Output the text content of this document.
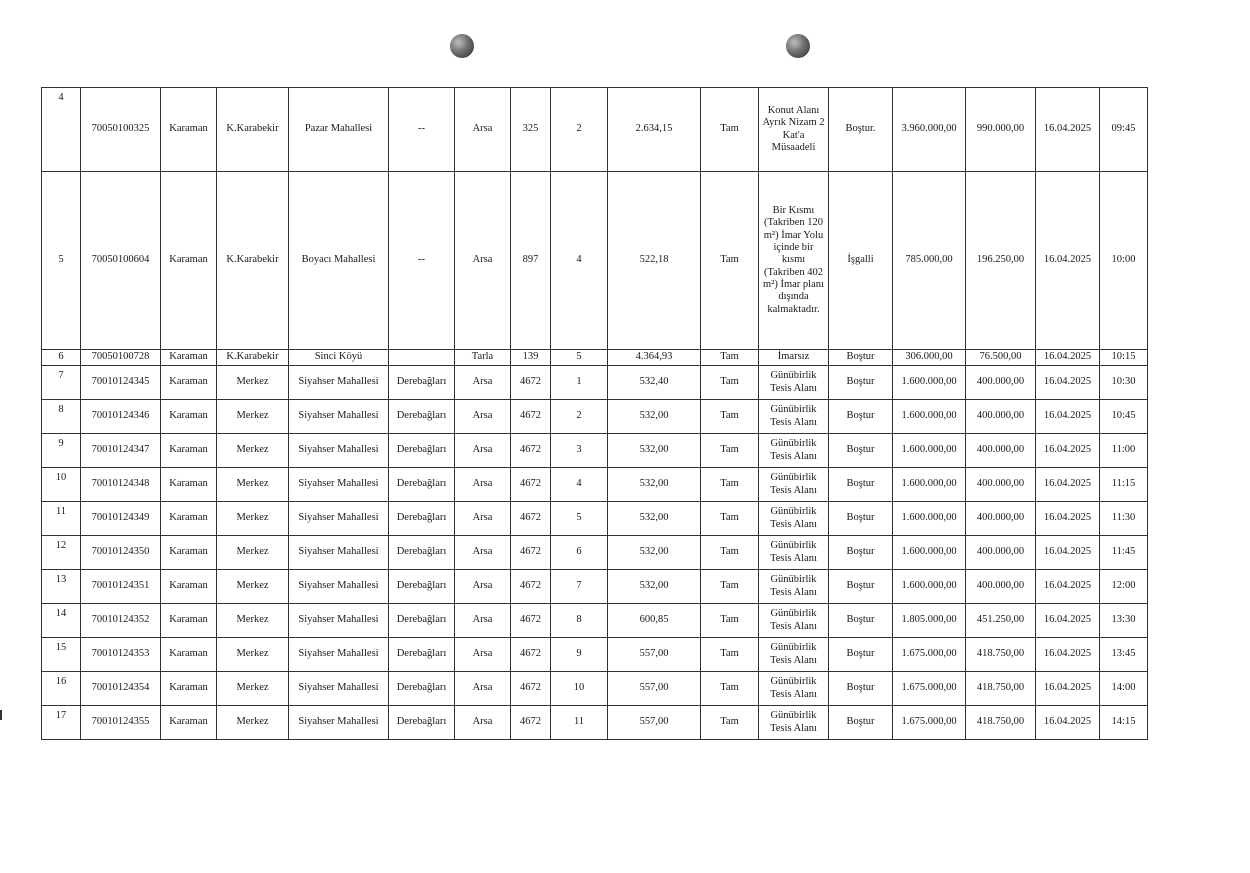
4	70050100325	Karaman	K.Karabekir	Pazar Mahallesi	--	Arsa	325	2	2.634,15	Tam	Konut Alanı Ayrık Nizam 2 Kat'a Müsaadeli	Boştur.	3.960.000,00	990.000,00	16.04.2025	09:45
5	70050100604	Karaman	K.Karabekir	Boyacı Mahallesi	--	Arsa	897	4	522,18	Tam	Bir Kısmı (Takriben 120 m²) İmar Yolu içinde bir kısmı (Takriben 402 m²) İmar planı dışında kalmaktadır.	İşgalli	785.000,00	196.250,00	16.04.2025	10:00
6	70050100728	Karaman	K.Karabekir	Sinci Köyü		Tarla	139	5	4.364,93	Tam	İmarsız	Boştur	306.000,00	76.500,00	16.04.2025	10:15
7	70010124345	Karaman	Merkez	Siyahser Mahallesi	Derebağları	Arsa	4672	1	532,40	Tam	Günübirlik Tesis Alanı	Boştur	1.600.000,00	400.000,00	16.04.2025	10:30
8	70010124346	Karaman	Merkez	Siyahser Mahallesi	Derebağları	Arsa	4672	2	532,00	Tam	Günübirlik Tesis Alanı	Boştur	1.600.000,00	400.000,00	16.04.2025	10:45
9	70010124347	Karaman	Merkez	Siyahser Mahallesi	Derebağları	Arsa	4672	3	532,00	Tam	Günübirlik Tesis Alanı	Boştur	1.600.000,00	400.000,00	16.04.2025	11:00
10	70010124348	Karaman	Merkez	Siyahser Mahallesi	Derebağları	Arsa	4672	4	532,00	Tam	Günübirlik Tesis Alanı	Boştur	1.600.000,00	400.000,00	16.04.2025	11:15
11	70010124349	Karaman	Merkez	Siyahser Mahallesi	Derebağları	Arsa	4672	5	532,00	Tam	Günübirlik Tesis Alanı	Boştur	1.600.000,00	400.000,00	16.04.2025	11:30
12	70010124350	Karaman	Merkez	Siyahser Mahallesi	Derebağları	Arsa	4672	6	532,00	Tam	Günübirlik Tesis Alanı	Boştur	1.600.000,00	400.000,00	16.04.2025	11:45
13	70010124351	Karaman	Merkez	Siyahser Mahallesi	Derebağları	Arsa	4672	7	532,00	Tam	Günübirlik Tesis Alanı	Boştur	1.600.000,00	400.000,00	16.04.2025	12:00
14	70010124352	Karaman	Merkez	Siyahser Mahallesi	Derebağları	Arsa	4672	8	600,85	Tam	Günübirlik Tesis Alanı	Boştur	1.805.000,00	451.250,00	16.04.2025	13:30
15	70010124353	Karaman	Merkez	Siyahser Mahallesi	Derebağları	Arsa	4672	9	557,00	Tam	Günübirlik Tesis Alanı	Boştur	1.675.000,00	418.750,00	16.04.2025	13:45
16	70010124354	Karaman	Merkez	Siyahser Mahallesi	Derebağları	Arsa	4672	10	557,00	Tam	Günübirlik Tesis Alanı	Boştur	1.675.000,00	418.750,00	16.04.2025	14:00
17	70010124355	Karaman	Merkez	Siyahser Mahallesi	Derebağları	Arsa	4672	11	557,00	Tam	Günübirlik Tesis Alanı	Boştur	1.675.000,00	418.750,00	16.04.2025	14:15
